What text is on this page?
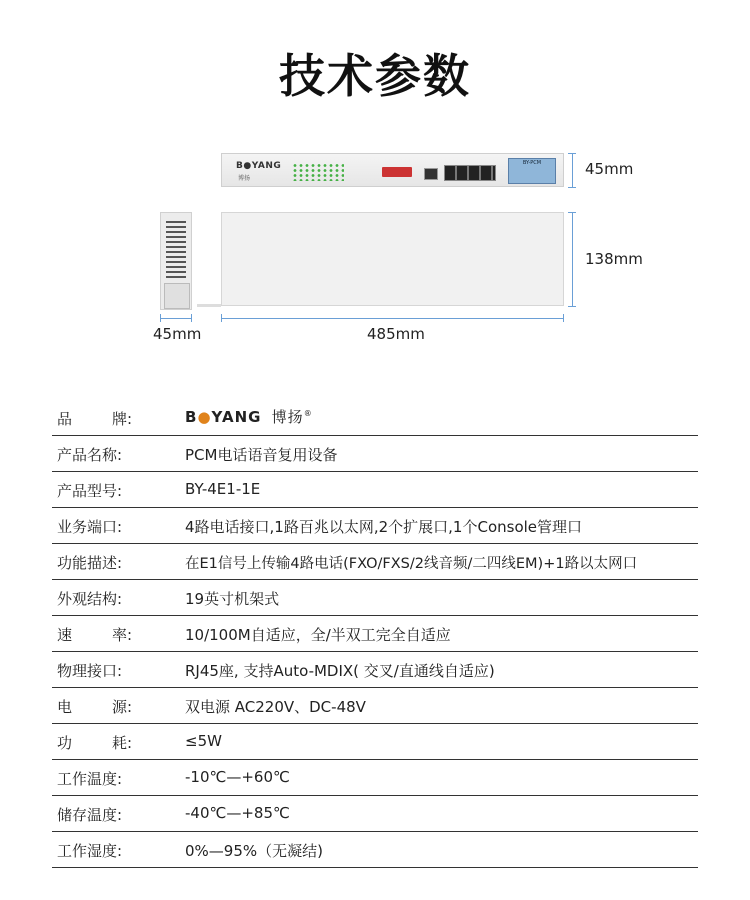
技术参数
B●YANG
博扬
BY-PCM	45mm
138mm
45mm	485mm
品	牌:	B●YANG 博扬®
产品名称:	PCM电话语音复用设备
产品型号:	BY-4E1-1E
业务端口:	4路电话接口,1路百兆以太网,2个扩展口,1个Console管理口
功能描述:	在E1信号上传输4路电话(FXO/FXS/2线音频/二四线EM)+1路以太网口
外观结构:	19英寸机架式
速	率:	10/100M自适应，全/半双工完全自适应
物理接口:	RJ45座, 支持Auto-MDIX( 交叉/直通线自适应)
电	源:	双电源 AC220V、DC-48V
功	耗:	≤5W
工作温度:	-10℃—+60℃
储存温度:	-40℃—+85℃
工作湿度:	0%—95%（无凝结)
